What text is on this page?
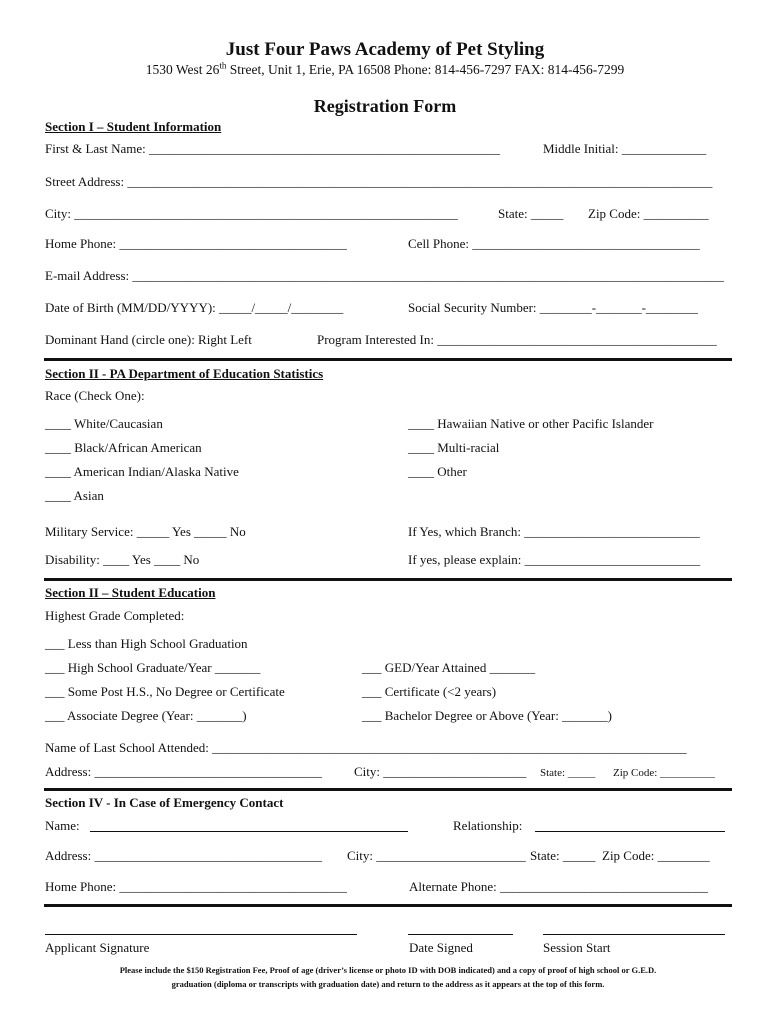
Just Four Paws Academy of Pet Styling
1530 West 26th Street, Unit 1, Erie, PA 16508 Phone: 814-456-7297 FAX: 814-456-7299
Registration Form
Section I – Student Information
First & Last Name: ______________________________________________________	Middle Initial: _____________
Street Address: __________________________________________________________________________________________
City: ___________________________________________________________	State: _____ Zip Code: __________
Home Phone: ___________________________________	Cell Phone: ___________________________________
E-mail Address: ___________________________________________________________________________________________
Date of Birth (MM/DD/YYYY): _____/_____/________	Social Security Number: ________-_______-________
Dominant Hand (circle one): Right Left	Program Interested In: ___________________________________________
Section II - PA Department of Education Statistics
Race (Check One):
____ White/Caucasian
____ Black/African American
____ American Indian/Alaska Native
____ Asian
____ Hawaiian Native or other Pacific Islander
____ Multi-racial
____ Other
Military Service: _____ Yes _____ No	If Yes, which Branch: ___________________________
Disability: ____ Yes ____ No	If yes, please explain: ___________________________
Section II – Student Education
Highest Grade Completed:
___ Less than High School Graduation
___ High School Graduate/Year _______
___ Some Post H.S., No Degree or Certificate
___ Associate Degree (Year: _______)
___ GED/Year Attained _______
___ Certificate (<2 years)
___ Bachelor Degree or Above (Year: _______)
Name of Last School Attended: _________________________________________________________________________
Address: ___________________________________ City: ______________________ State: _____ Zip Code: __________
Section IV - In Case of Emergency Contact
Name:	Relationship:
Address: ___________________________________ City: _______________________ State: _____ Zip Code: ________
Home Phone: ___________________________________	Alternate Phone: ________________________________
Applicant Signature	Date Signed	Session Start
Please include the $150 Registration Fee, Proof of age (driver’s license or photo ID with DOB indicated) and a copy of proof of high school or G.E.D.
graduation (diploma or transcripts with graduation date) and return to the address as it appears at the top of this form.
